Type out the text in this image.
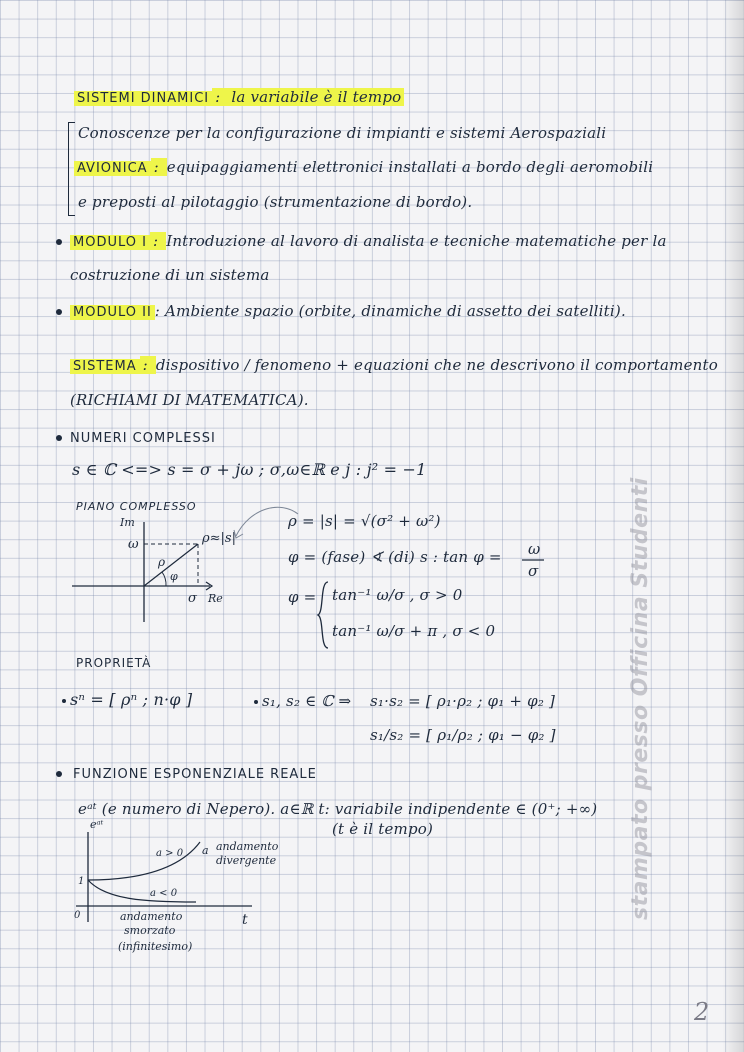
SISTEMI DINAMICI : la variabile è il tempo
Conoscenze per la configurazione di impianti e sistemi Aerospaziali
AVIONICA : equipaggiamenti elettronici installati a bordo degli aeromobili
e preposti al pilotaggio (strumentazione di bordo).
MODULO I : Introduzione al lavoro di analista e tecniche matematiche per la
costruzione di un sistema
MODULO II : Ambiente spazio (orbite, dinamiche di assetto dei satelliti).
SISTEMA : dispositivo / fenomeno + equazioni che ne descrivono il comportamento
(RICHIAMI DI MATEMATICA).
NUMERI COMPLESSI
s ∈ ℂ <=> s = σ + jω ; σ,ω∈ℝ e j : j² = −1
PIANO COMPLESSO
Im
ω
σ Re
ρ
φ
ρ≈|s|
ρ = |s| = √(σ² + ω²)
φ = (fase) ∢ (di) s : tan φ = ω
σ
φ = tan⁻¹ ω/σ , σ > 0
tan⁻¹ ω/σ + π , σ < 0
PROPRIETÀ
sⁿ = [ ρⁿ ; n·φ ]	s₁, s₂ ∈ ℂ ⇒ s₁·s₂ = [ ρ₁·ρ₂ ; φ₁ + φ₂ ]
s₁/s₂ = [ ρ₁/ρ₂ ; φ₁ − φ₂ ]
FUNZIONE ESPONENZIALE REALE
eᵃᵗ (e numero di Nepero). a∈ℝ t: variabile indipendente ∈ (0⁺; +∞)
(t è il tempo)
eᵃᵗ
t
0
1
a > 0 a andamento
divergente
a < 0
andamento
smorzato
(infinitesimo)
stampato presso Officina Studenti
2
